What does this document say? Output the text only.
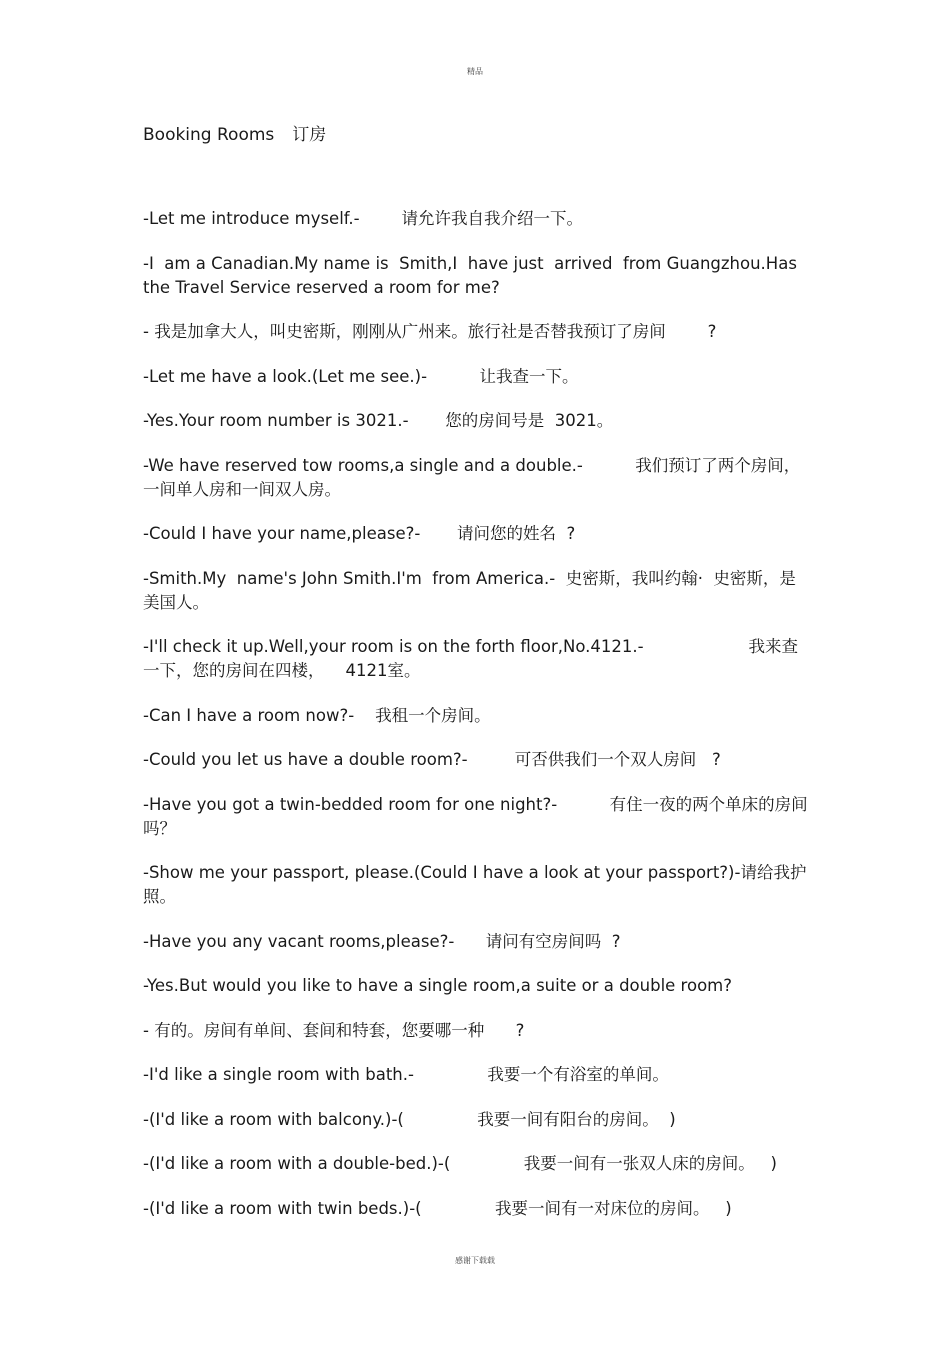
精品
Booking Rooms 订房

-Let me introduce myself.-        请允许我自我介绍一下。

-I  am a Canadian.My name is  Smith,I  have just  arrived  from Guangzhou.Has the Travel Service reserved a room for me?

- 我是加拿大人，叫史密斯，刚刚从广州来。旅行社是否替我预订了房间        ?

-Let me have a look.(Let me see.)-          让我查一下。

-Yes.Your room number is 3021.-       您的房间号是  3021。

-We have reserved tow rooms,a single and a double.-          我们预订了两个房间，一间单人房和一间双人房。

-Could I have your name,please?-       请问您的姓名  ?

-Smith.My  name's John Smith.I'm  from America.-  史密斯，我叫约翰·  史密斯，是美国人。

-I'll check it up.Well,your room is on the forth floor,No.4121.-                    我来查一下，您的房间在四楼，    4121室。

-Can I have a room now?-    我租一个房间。

-Could you let us have a double room?-         可否供我们一个双人房间   ?

-Have you got a twin-bedded room for one night?-          有住一夜的两个单床的房间吗？

-Show me your passport, please.(Could I have a look at your passport?)-请给我护照。

-Have you any vacant rooms,please?-      请问有空房间吗  ?

-Yes.But would you like to have a single room,a suite or a double room?

- 有的。房间有单间、套间和特套，您要哪一种      ?

-I'd like a single room with bath.-              我要一个有浴室的单间。

-(I'd like a room with balcony.)-(              我要一间有阳台的房间。  )

-(I'd like a room with a double-bed.)-(              我要一间有一张双人床的房间。   )

-(I'd like a room with twin beds.)-(              我要一间有一对床位的房间。   )

感谢下载载
